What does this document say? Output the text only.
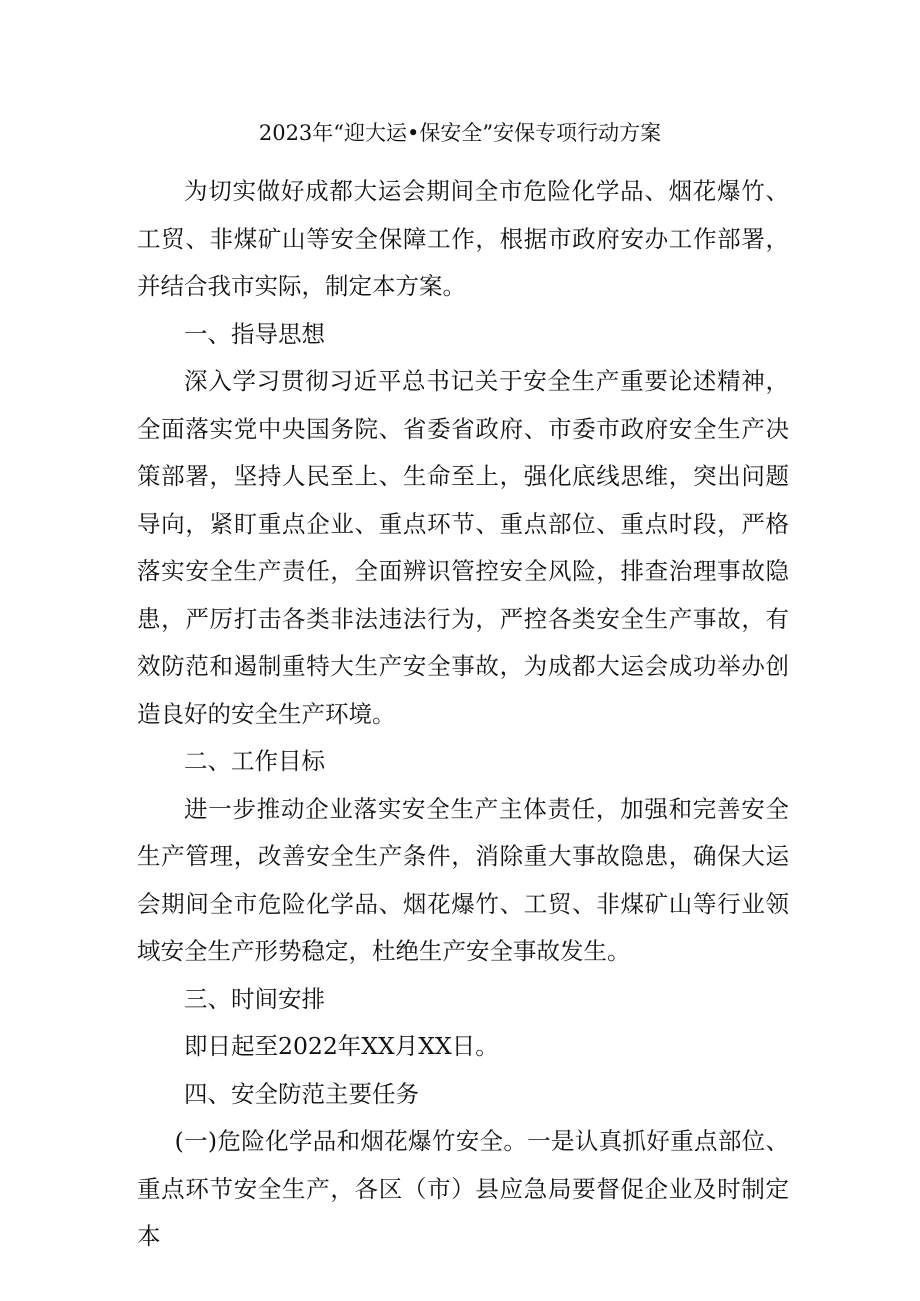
2023年“迎大运•保安全”安保专项行动方案

为切实做好成都大运会期间全市危险化学品、烟花爆竹、工贸、非煤矿山等安全保障工作，根据市政府安办工作部署，并结合我市实际，制定本方案。

一、指导思想

深入学习贯彻习近平总书记关于安全生产重要论述精神，全面落实党中央国务院、省委省政府、市委市政府安全生产决策部署，坚持人民至上、生命至上，强化底线思维，突出问题导向，紧盯重点企业、重点环节、重点部位、重点时段，严格落实安全生产责任，全面辨识管控安全风险，排查治理事故隐患，严厉打击各类非法违法行为，严控各类安全生产事故，有效防范和遏制重特大生产安全事故，为成都大运会成功举办创造良好的安全生产环境。

二、工作目标

进一步推动企业落实安全生产主体责任，加强和完善安全生产管理，改善安全生产条件，消除重大事故隐患，确保大运会期间全市危险化学品、烟花爆竹、工贸、非煤矿山等行业领域安全生产形势稳定，杜绝生产安全事故发生。

三、时间安排

即日起至2022年XX月XX日。

四、安全防范主要任务

(一)危险化学品和烟花爆竹安全。一是认真抓好重点部位、重点环节安全生产，各区（市）县应急局要督促企业及时制定本
